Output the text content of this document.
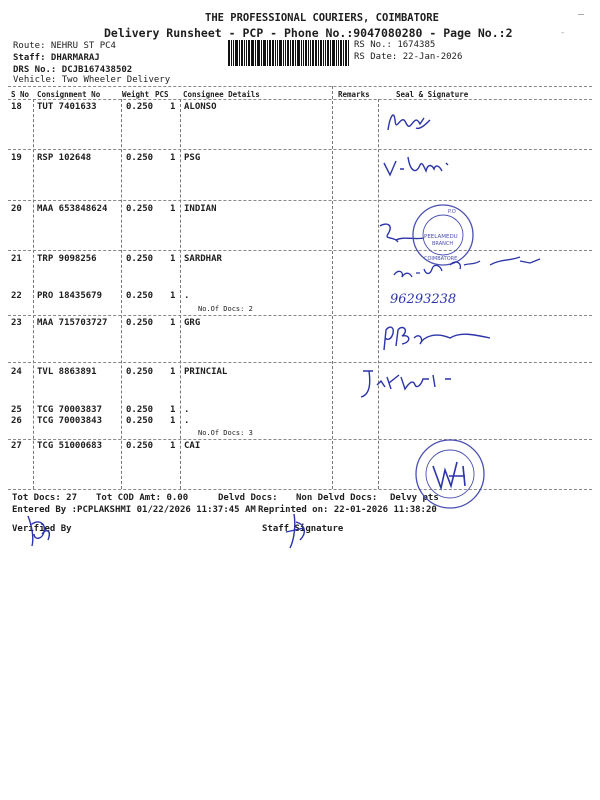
THE PROFESSIONAL COURIERS, COIMBATORE
Delivery Runsheet - PCP - Phone No.:9047080280 - Page No.:2
Route: NEHRU ST PC4
Staff: DHARMARAJ
DRS No.: DCJB167438502
Vehicle: Two Wheeler Delivery
RS No.: 1674385
RS Date: 22-Jan-2026
-
S No Consignment No	Weight PCS Consignee Details	Remarks	Seal & Signature
18 TUT 7401633	0.250 1 ALONSO
19 RSP 102648	0.250 1 PSG
20 MAA 653848624 0.250 1 INDIAN
21 TRP 9098256	0.250 1 SARDHAR
22 PRO 18435679	0.250 1 .
23 MAA 715703727 0.250 1 GRG
24 TVL 8863891	0.250 1 PRINCIAL
25 TCG 70003837	0.250 1 .
26 TCG 70003843	0.250 1 .
27 TCG 51000683	0.250 1 CAI
No.Of Docs: 2
No.Of Docs: 3
Tot Docs: 27 Tot COD Amt: 0.00	Delvd Docs: Non Delvd Docs: Delvy pts
Entered By :PCPLAKSHMI 01/22/2026 11:37:45 AM Reprinted on: 22-01-2026 11:38:20
Verified By	Staff Signature
P.O
PEELAMEDU
BRANCH
COIMBATORE
96293238
